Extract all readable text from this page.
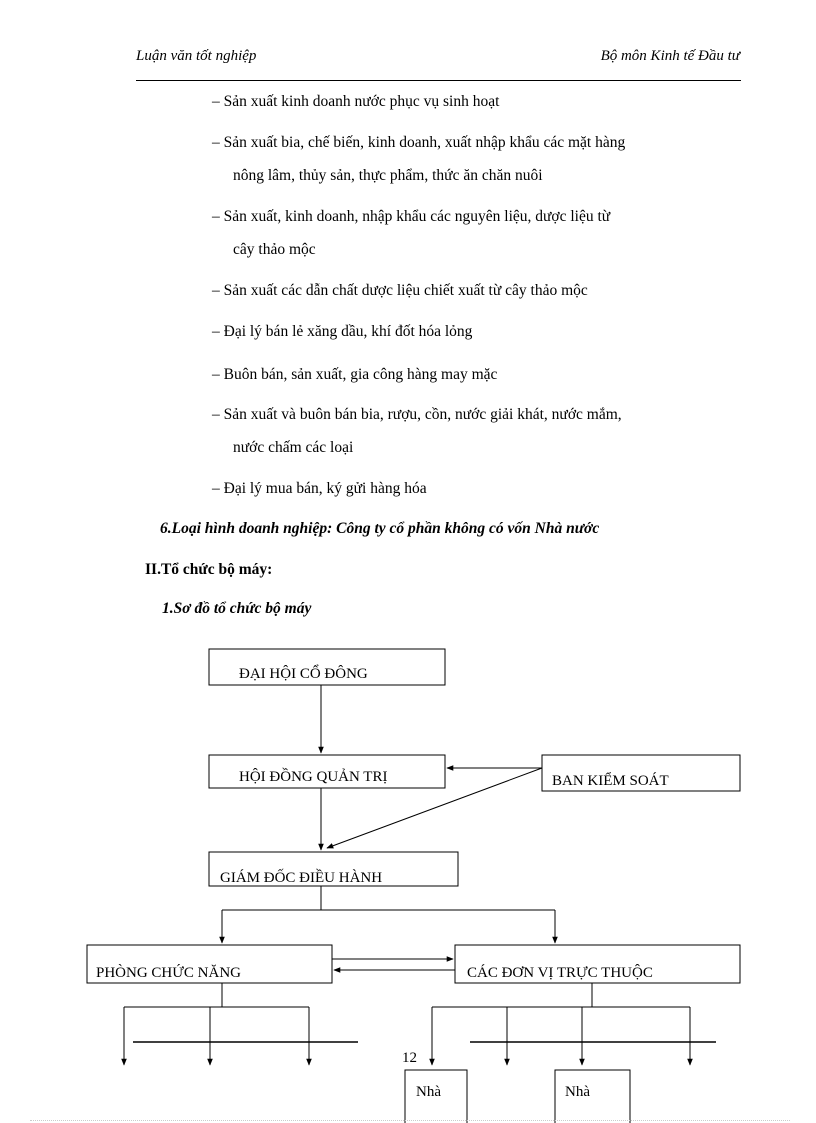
Luận văn tốt nghiệp	Bộ môn Kinh tế Đầu tư
– Sản xuất kinh doanh nước phục vụ sinh hoạt
– Sản xuất bia, chế biến, kinh doanh, xuất nhập khẩu các mặt hàng
nông lâm, thủy sản, thực phẩm, thức ăn chăn nuôi
– Sản xuất, kinh doanh, nhập khẩu các nguyên liệu, dược liệu từ
cây thảo mộc
– Sản xuất các dẫn chất dược liệu chiết xuất từ cây thảo mộc
– Đại lý bán lẻ xăng dầu, khí đốt hóa lỏng
– Buôn bán, sản xuất, gia công hàng may mặc
– Sản xuất và buôn bán bia, rượu, cồn, nước giải khát, nước mắm,
nước chấm các loại
– Đại lý mua bán, ký gửi hàng hóa
6.Loại hình doanh nghiệp: Công ty cổ phần không có vốn Nhà nước
II.Tổ chức bộ máy:
1.Sơ đồ tổ chức bộ máy
ĐẠI HỘI CỔ ĐÔNG
HỘI ĐỒNG QUẢN TRỊ	BAN KIỂM SOÁT
GIÁM ĐỐC ĐIỀU HÀNH
PHÒNG CHỨC NĂNG	CÁC ĐƠN VỊ TRỰC THUỘC
Nhà	Nhà
12
